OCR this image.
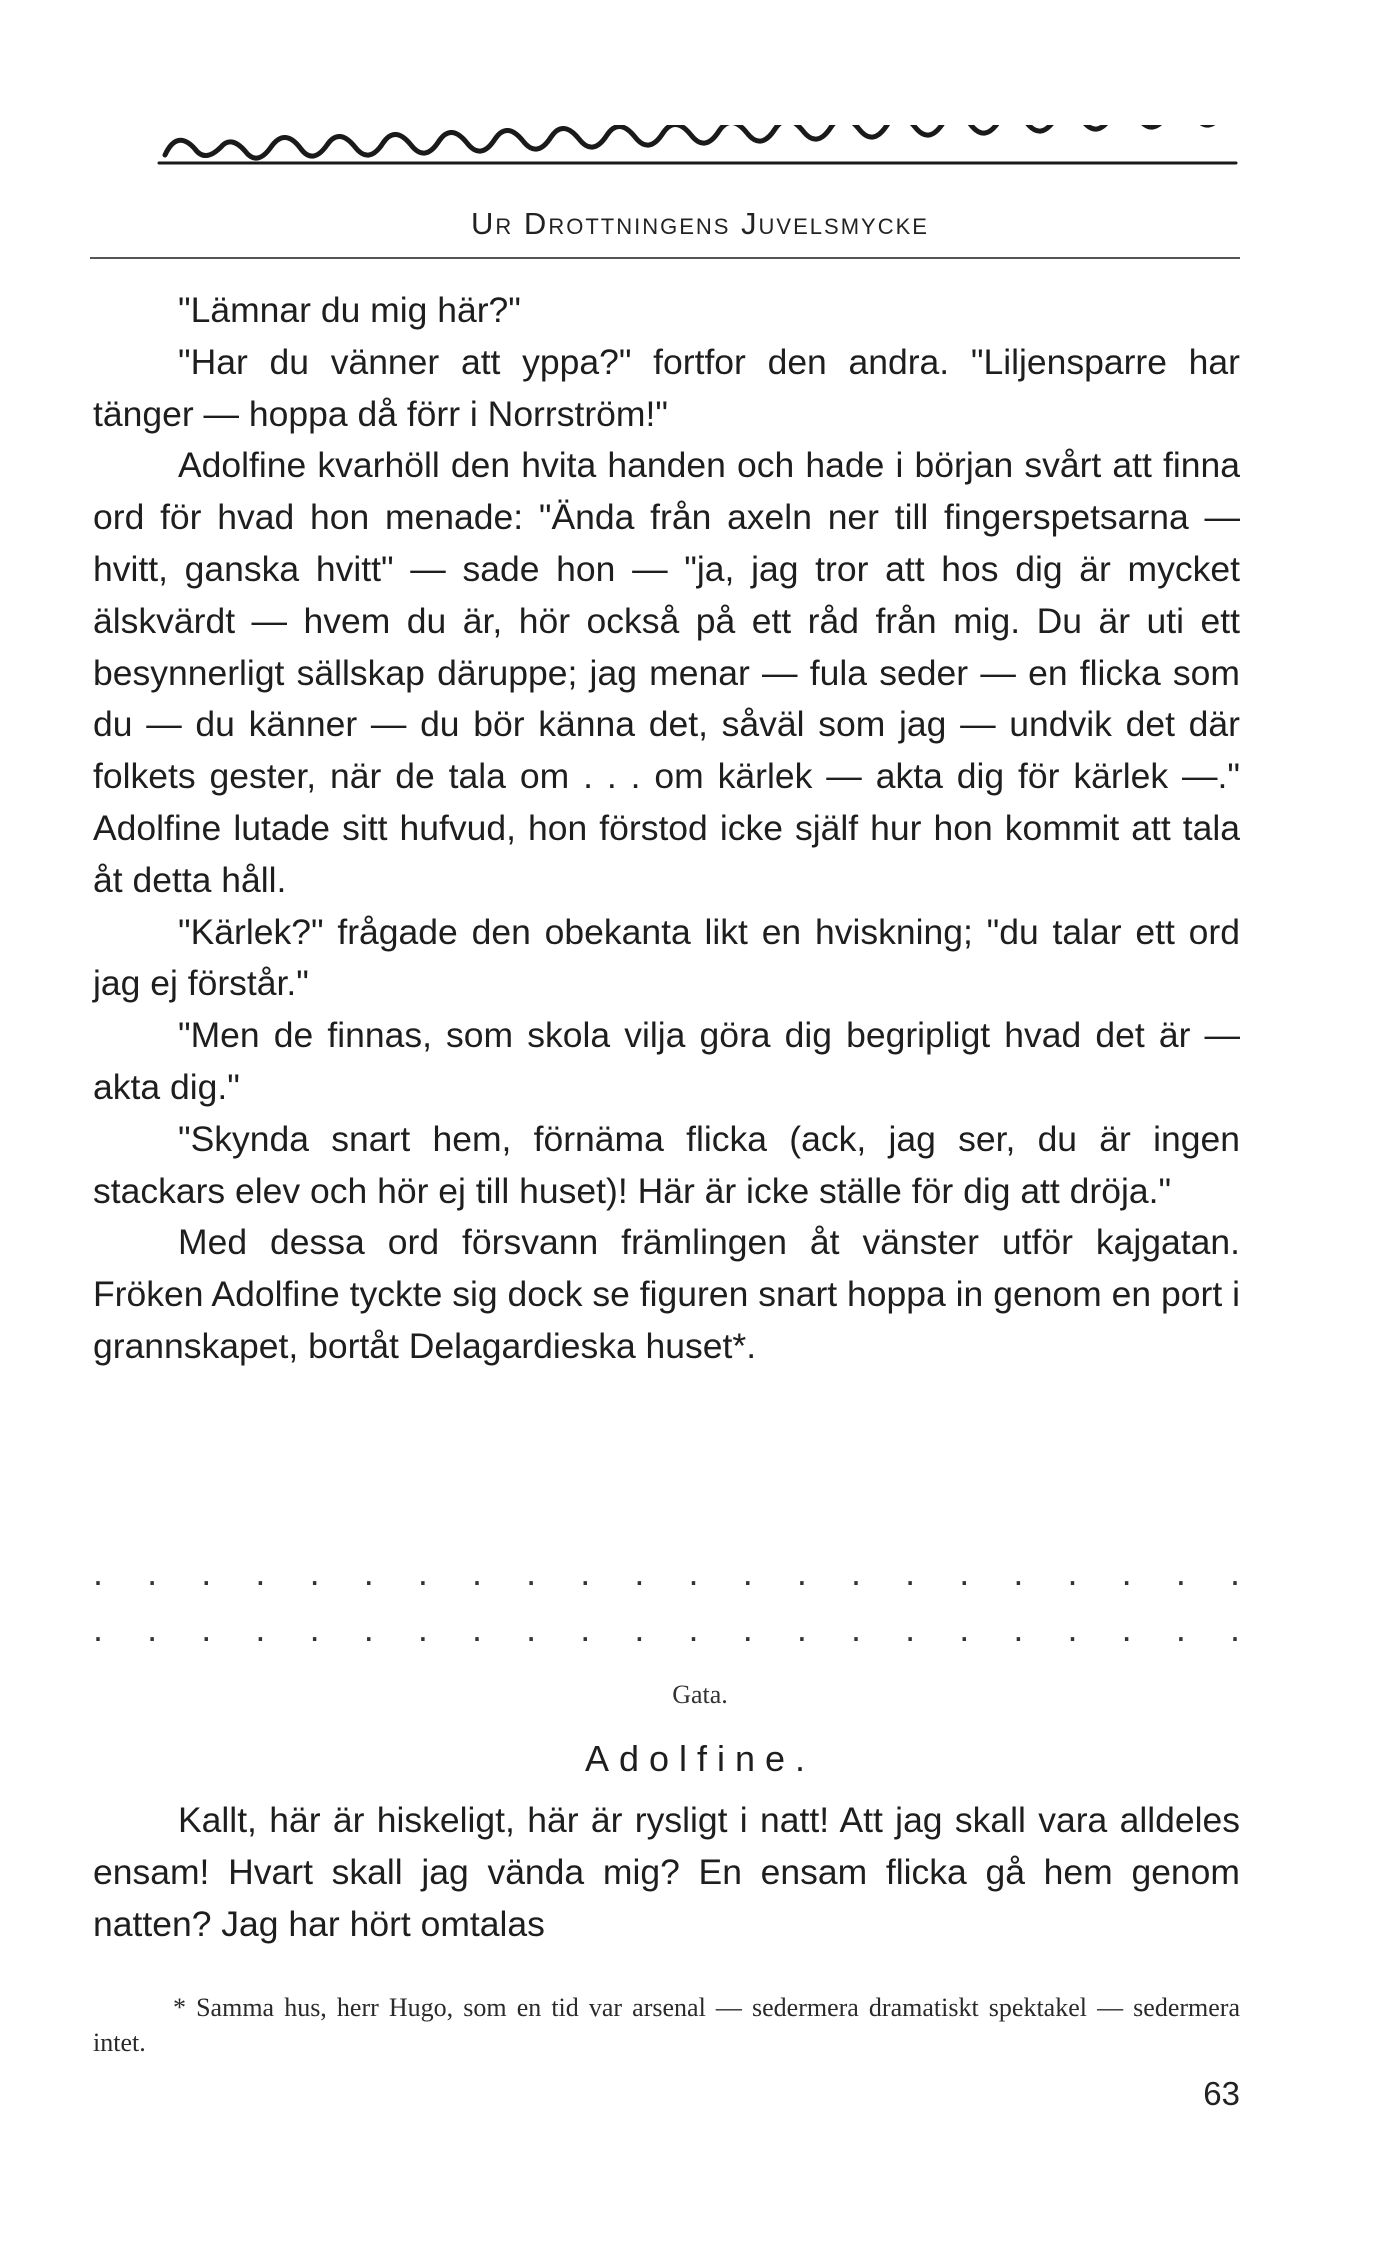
Ur Drottningens Juvelsmycke

"Lämnar du mig här?"

"Har du vänner att yppa?" fortfor den andra. "Liljensparre har tänger — hoppa då förr i Norrström!"

Adolfine kvarhöll den hvita handen och hade i början svårt att finna ord för hvad hon menade: "Ända från axeln ner till fingerspetsarna — hvitt, ganska hvitt" — sade hon — "ja, jag tror att hos dig är mycket älskvärdt — hvem du är, hör också på ett råd från mig. Du är uti ett besynnerligt sällskap däruppe; jag menar — fula seder — en flicka som du — du känner — du bör känna det, såväl som jag — undvik det där folkets gester, när de tala om . . . om kärlek — akta dig för kärlek —." Adolfine lutade sitt hufvud, hon förstod icke själf hur hon kommit att tala åt detta håll.

"Kärlek?" frågade den obekanta likt en hviskning; "du talar ett ord jag ej förstår."

"Men de finnas, som skola vilja göra dig begripligt hvad det är — akta dig."

"Skynda snart hem, förnäma flicka (ack, jag ser, du är ingen stackars elev och hör ej till huset)! Här är icke ställe för dig att dröja."

Med dessa ord försvann främlingen åt vänster utför kajgatan. Fröken Adolfine tyckte sig dock se figuren snart hoppa in genom en port i grannskapet, bortåt Delagardieska huset*.

. . . . . . . . . . . . . . . . . . . . . .
. . . . . . . . . . . . . . . . . . . . . .
Gata.
Adolfine.

Kallt, här är hiskeligt, här är rysligt i natt! Att jag skall vara alldeles ensam! Hvart skall jag vända mig? En ensam flicka gå hem genom natten? Jag har hört omtalas

* Samma hus, herr Hugo, som en tid var arsenal — sedermera dramatiskt spektakel — sedermera intet.
63
